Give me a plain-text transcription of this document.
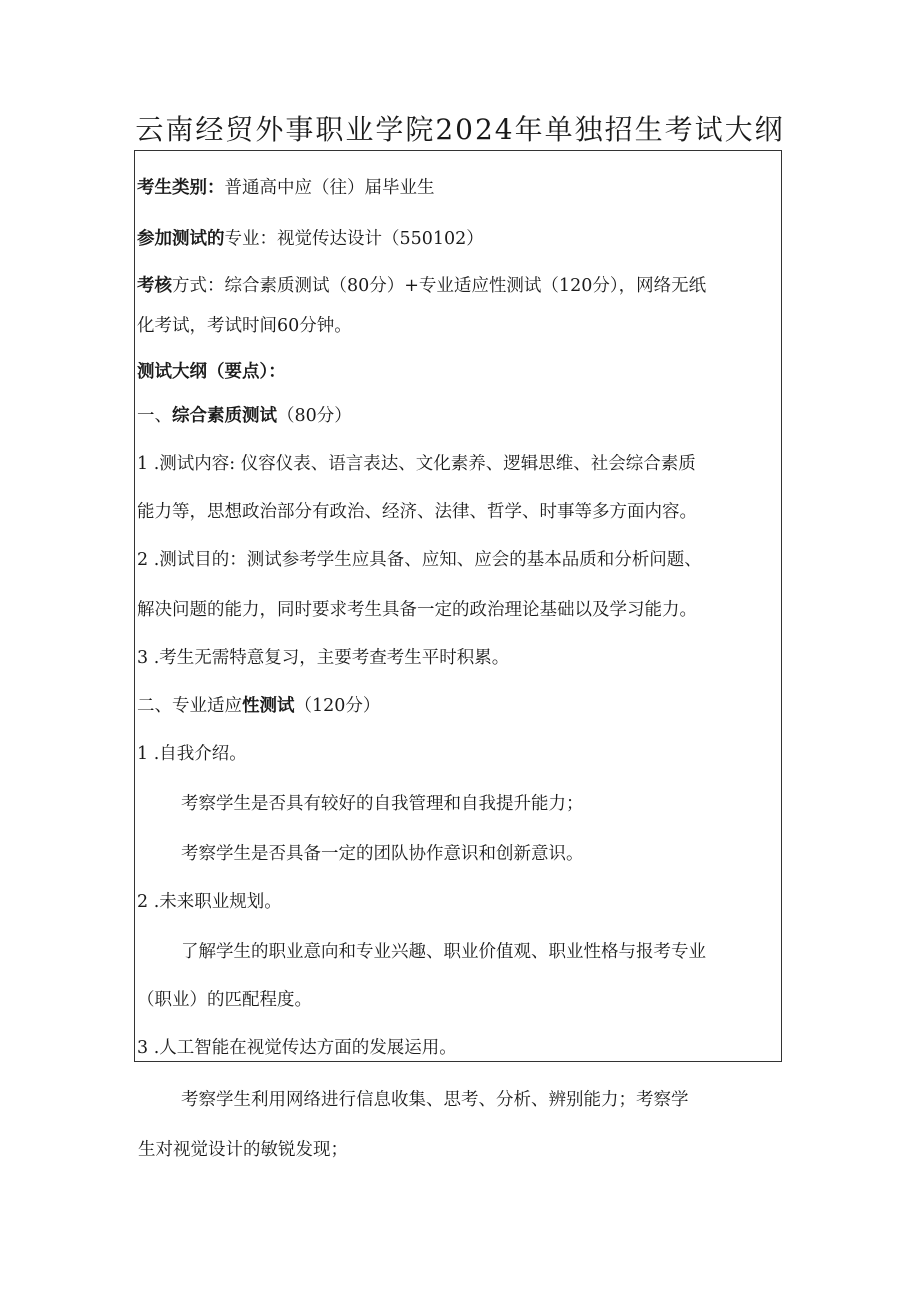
云南经贸外事职业学院2024年单独招生考试大纲

考生类别：普通高中应（往）届毕业生

参加测试的专业：视觉传达设计（550102）

考核方式：综合素质测试（80分）+专业适应性测试（120分），网络无纸

化考试，考试时间60分钟。

测试大纲（要点）：

一、综合素质测试（80分）

1 .测试内容: 仪容仪表、语言表达、文化素养、逻辑思维、社会综合素质

能力等，思想政治部分有政治、经济、法律、哲学、时事等多方面内容。

2 .测试目的：测试参考学生应具备、应知、应会的基本品质和分析问题、

解决问题的能力，同时要求考生具备一定的政治理论基础以及学习能力。

3 .考生无需特意复习，主要考查考生平时积累。

二、专业适应性测试（120分）

1 .自我介绍。

考察学生是否具有较好的自我管理和自我提升能力；

考察学生是否具备一定的团队协作意识和创新意识。

2 .未来职业规划。

了解学生的职业意向和专业兴趣、职业价值观、职业性格与报考专业

（职业）的匹配程度。

3 .人工智能在视觉传达方面的发展运用。

考察学生利用网络进行信息收集、思考、分析、辨别能力；考察学

生对视觉设计的敏锐发现；
